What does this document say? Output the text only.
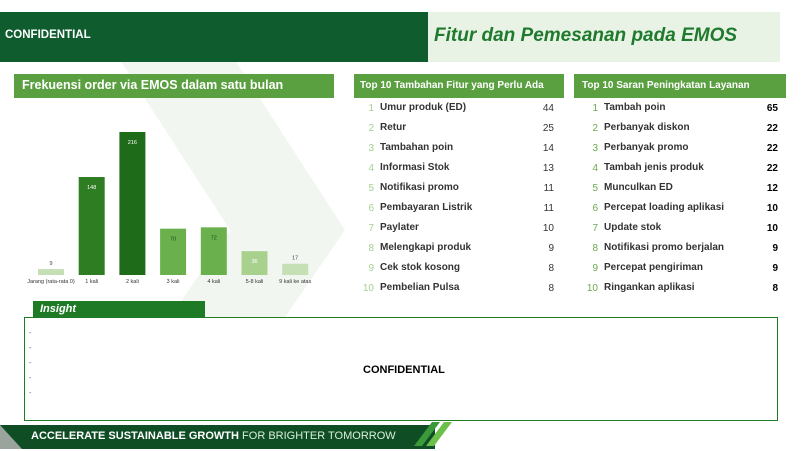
CONFIDENTIAL	Fitur dan Pemesanan pada EMOS
Frekuensi order via EMOS dalam satu bulan	Top 10 Tambahan Fitur yang Perlu Ada	Top 10 Saran Peningkatan Layanan
9
Jarang (rata-rata 0)
148
1 kali
216
2 kali
70
3 kali
72
4 kali
36
5-8 kali
17
9 kali ke atas
1 Umur produk (ED)	44
2 Retur	25
3 Tambahan poin	14
4 Informasi Stok	13
5 Notifikasi promo	11
6 Pembayaran Listrik	11
7 Paylater	10
8 Melengkapi produk	9
9 Cek stok kosong	8
10 Pembelian Pulsa	8
1 Tambah poin	65
2 Perbanyak diskon	22
3 Perbanyak promo	22
4 Tambah jenis produk	22
5 Munculkan ED	12
6 Percepat loading aplikasi	10
7 Update stok	10
8 Notifikasi promo berjalan	9
9 Percepat pengiriman	9
10 Ringankan aplikasi	8
Insight
-
-
-
-
-
CONFIDENTIAL
ACCELERATE SUSTAINABLE GROWTH FOR BRIGHTER TOMORROW
